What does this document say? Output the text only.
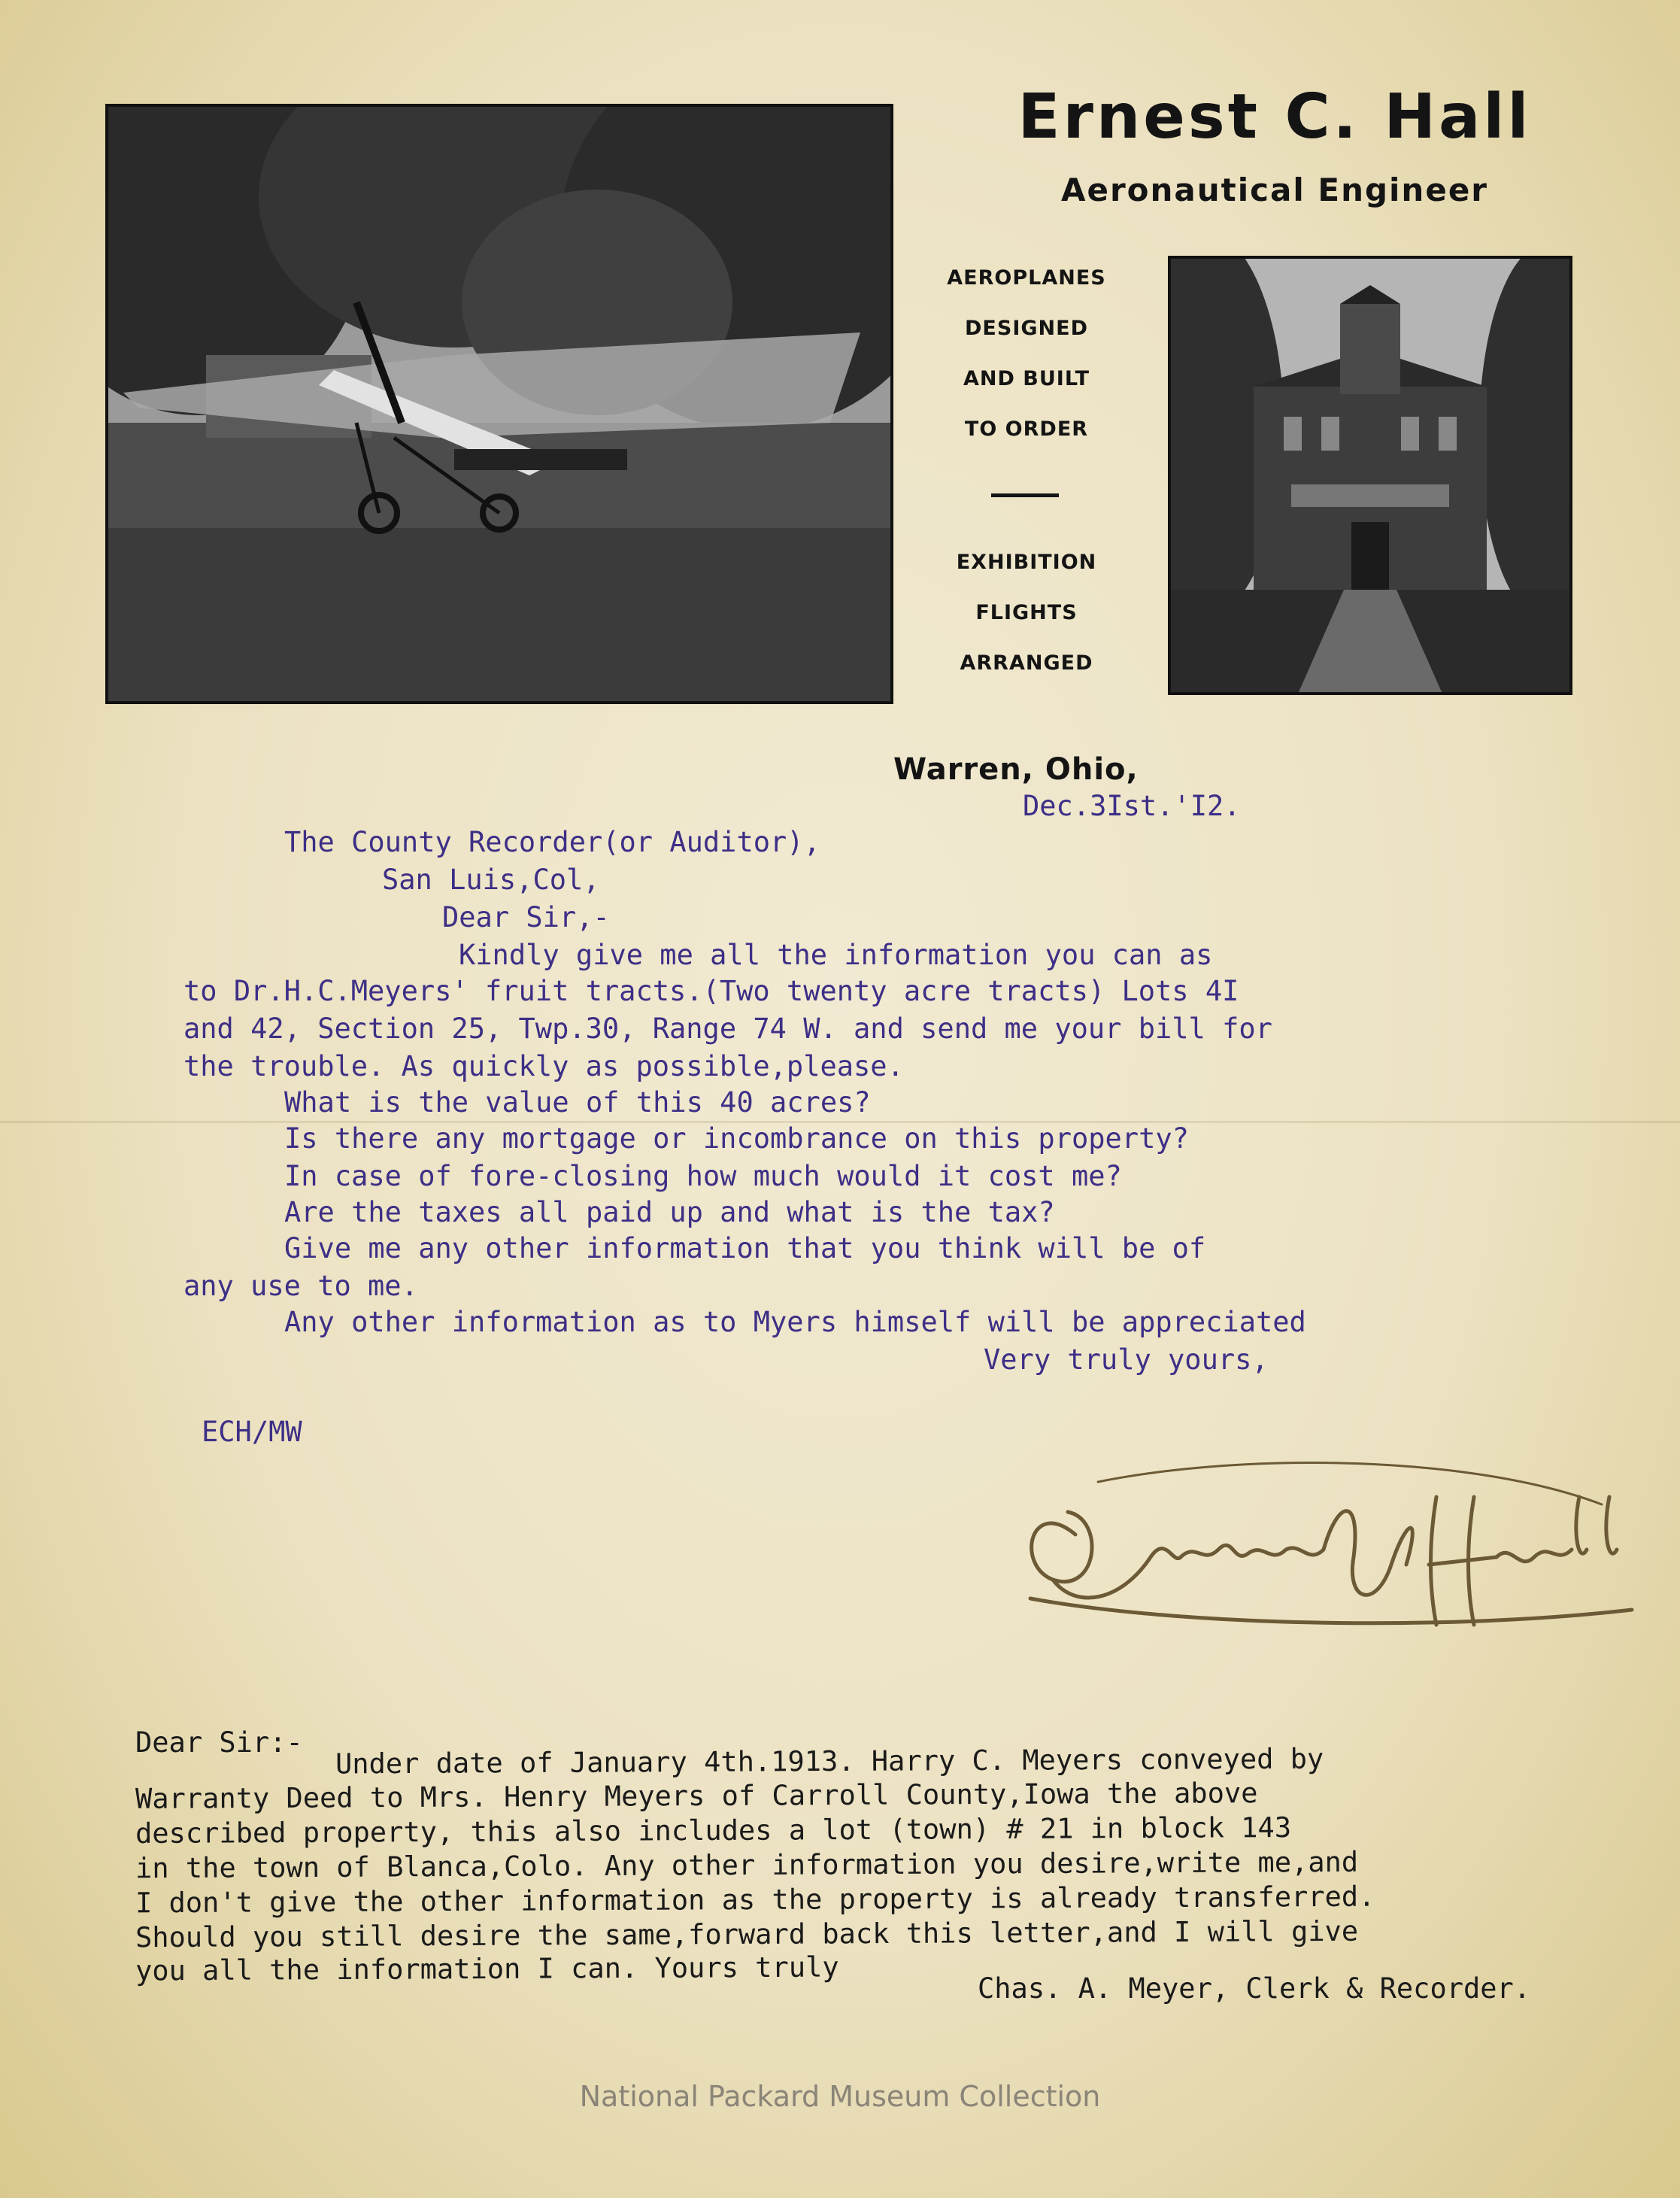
Ernest C. Hall
Aeronautical Engineer
AEROPLANES
DESIGNED
AND BUILT
TO ORDER
EXHIBITION
FLIGHTS
ARRANGED
Warren, Ohio,
Dec.3Ist.'I2.
The County Recorder(or Auditor),
San Luis,Col,
Dear Sir,-
Kindly give me all the information you can as
to Dr.H.C.Meyers' fruit tracts.(Two twenty acre tracts) Lots 4I
and 42, Section 25, Twp.30, Range 74 W. and send me your bill for
the trouble. As quickly as possible,please.
What is the value of this 40 acres?
Is there any mortgage or incombrance on this property?
In case of fore-closing how much would it cost me?
Are the taxes all paid up and what is the tax?
Give me any other information that you think will be of
any use to me.
Any other information as to Myers himself will be appreciated
Very truly yours,
ECH/MW
Dear Sir:-
Under date of January 4th.1913. Harry C. Meyers conveyed by
Warranty Deed to Mrs. Henry Meyers of Carroll County,Iowa the above
described property, this also includes a lot (town) # 21 in block 143
in the town of Blanca,Colo. Any other information you desire,write me,and
I don't give the other information as the property is already transferred.
Should you still desire the same,forward back this letter,and I will give
you all the information I can. Yours truly
Chas. A. Meyer, Clerk & Recorder.
National Packard Museum Collection
